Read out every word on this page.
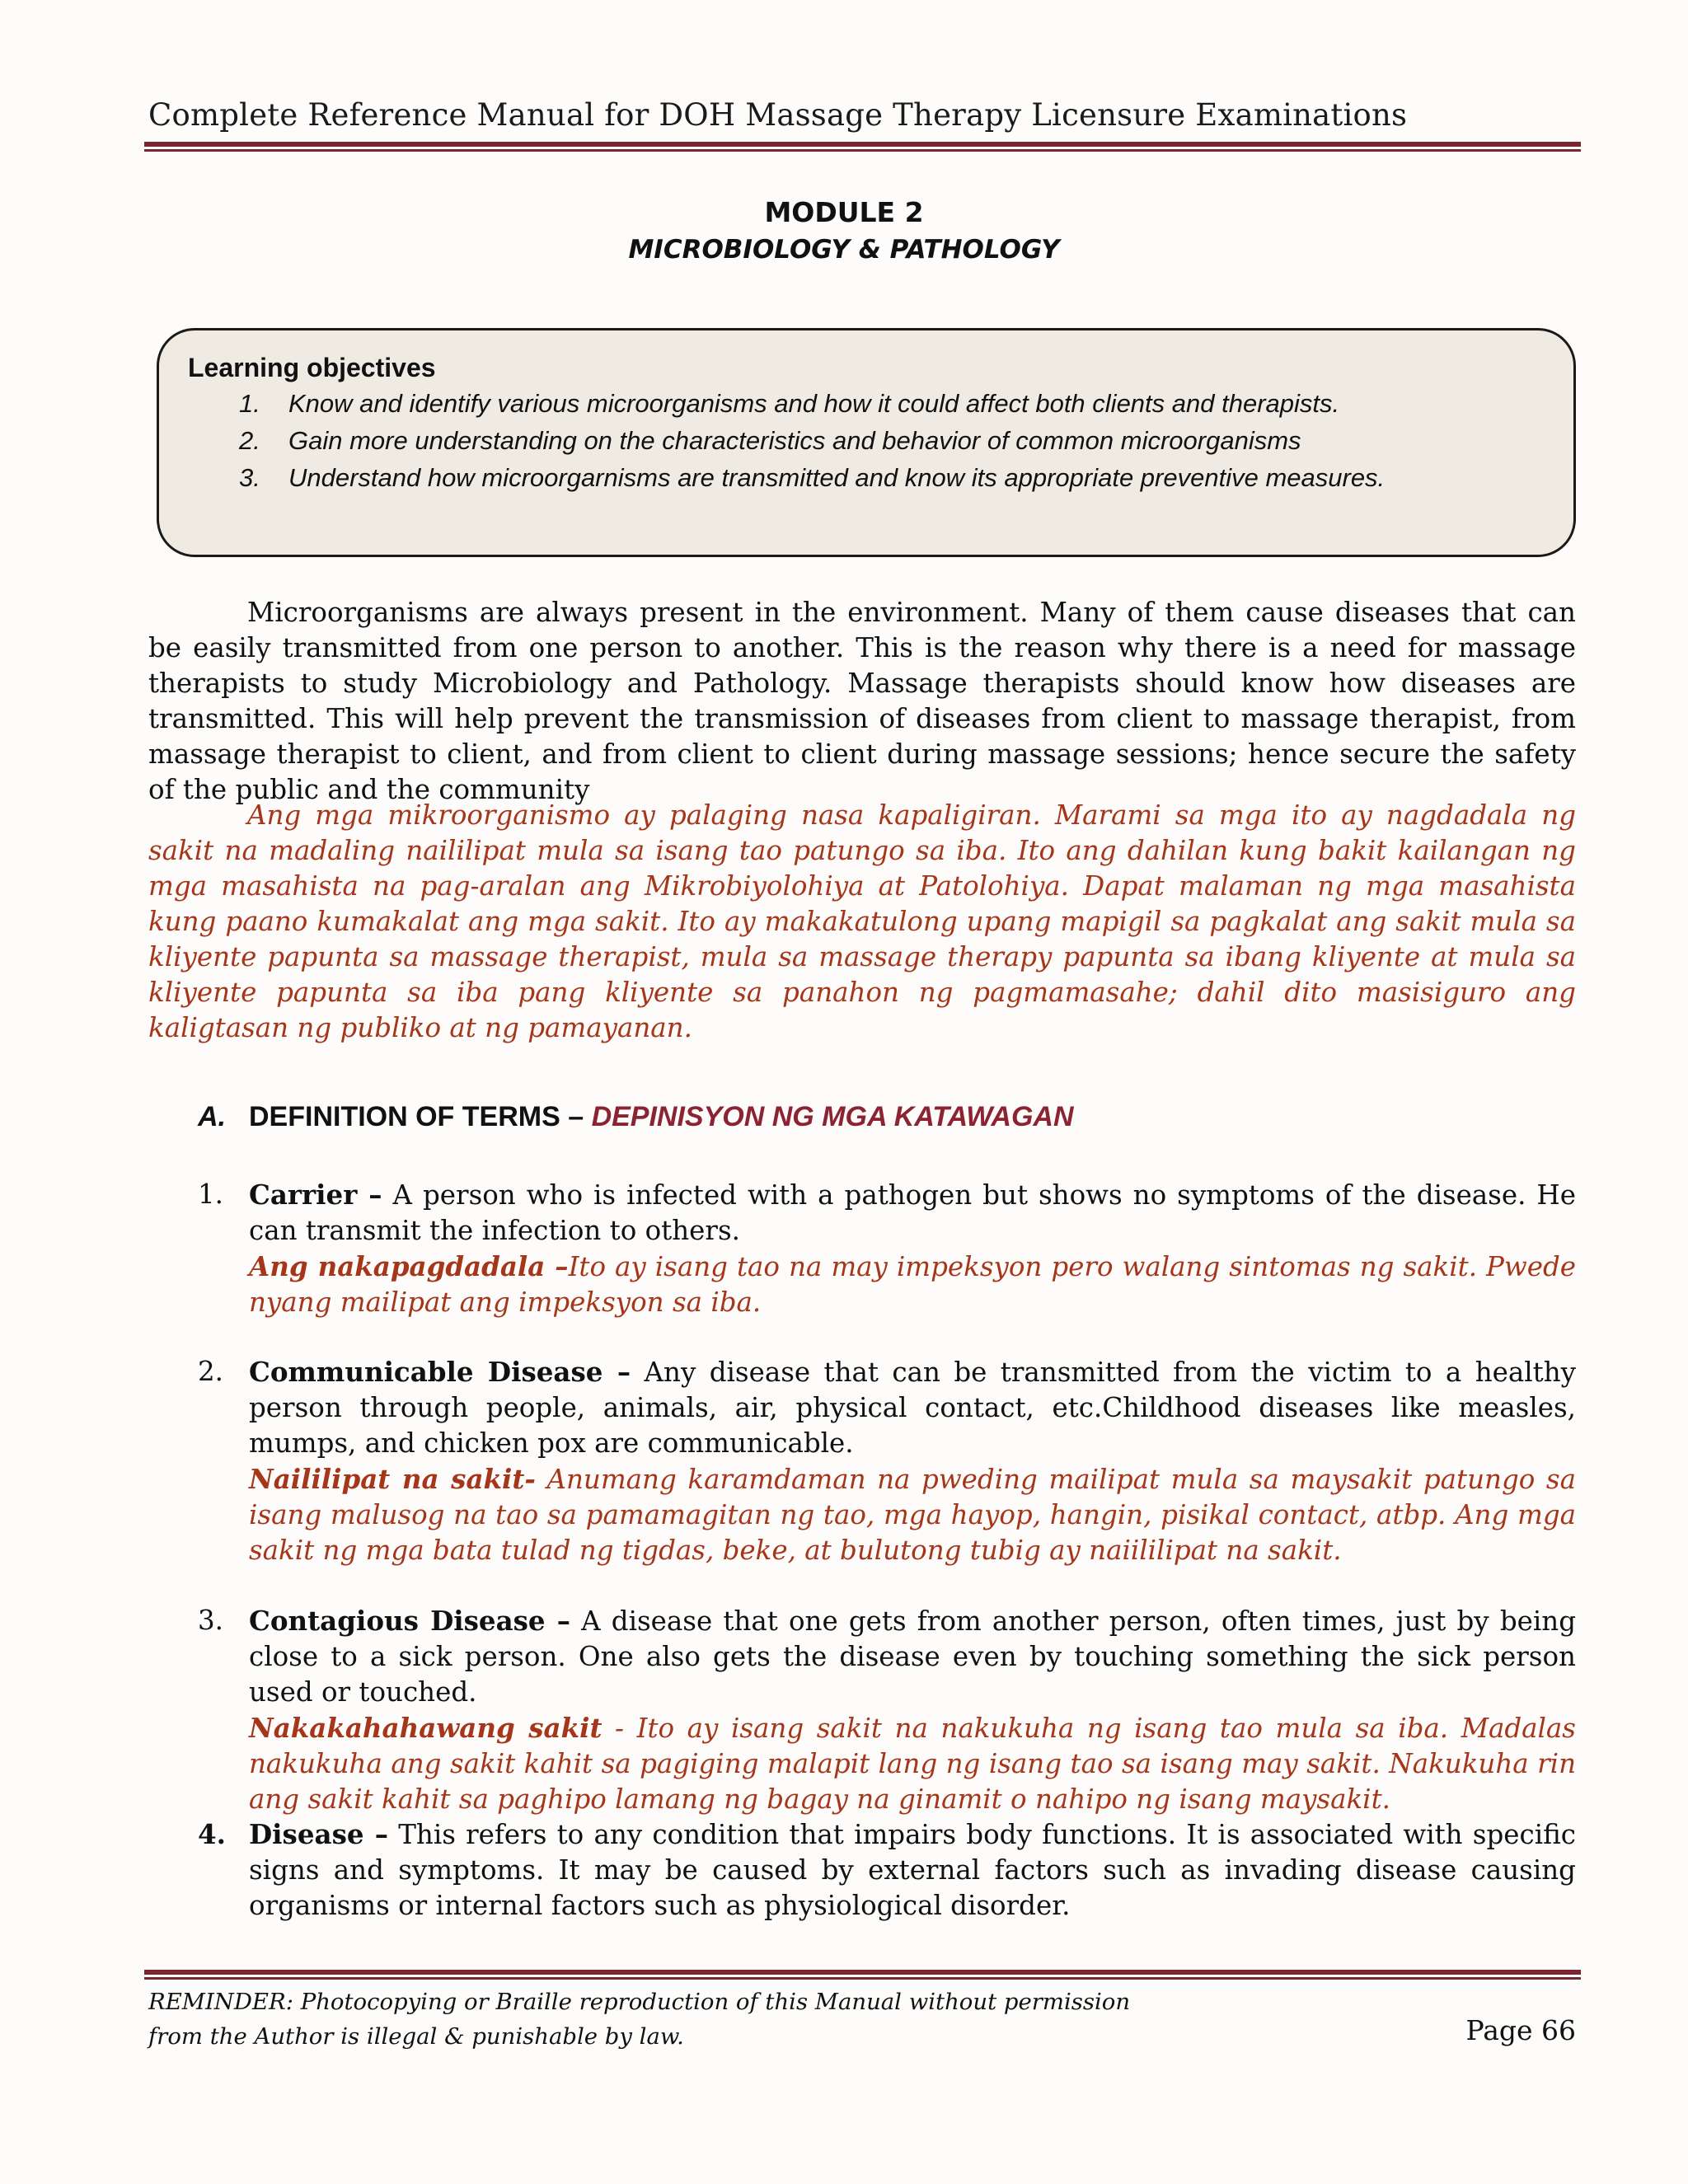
Complete Reference Manual for DOH Massage Therapy Licensure Examinations
MODULE 2
MICROBIOLOGY & PATHOLOGY
Learning objectives
1. Know and identify various microorganisms and how it could affect both clients and therapists.
2. Gain more understanding on the characteristics and behavior of common microorganisms
3. Understand how microorgarnisms are transmitted and know its appropriate preventive measures.

Microorganisms are always present in the environment. Many of them cause diseases that can be easily transmitted from one person to another. This is the reason why there is a need for massage therapists to study Microbiology and Pathology. Massage therapists should know how diseases are transmitted. This will help prevent the transmission of diseases from client to massage therapist, from massage therapist to client, and from client to client during massage sessions; hence secure the safety of the public and the community

Ang mga mikroorganismo ay palaging nasa kapaligiran. Marami sa mga ito ay nagdadala ng sakit na madaling naililipat mula sa isang tao patungo sa iba. Ito ang dahilan kung bakit kailangan ng mga masahista na pag-aralan ang Mikrobiyolohiya at Patolohiya. Dapat malaman ng mga masahista kung paano kumakalat ang mga sakit. Ito ay makakatulong upang mapigil sa pagkalat ang sakit mula sa kliyente papunta sa massage therapist, mula sa massage therapy papunta sa ibang kliyente at mula sa kliyente papunta sa iba pang kliyente sa panahon ng pagmamasahe; dahil dito masisiguro ang kaligtasan ng publiko at ng pamayanan.

A. DEFINITION OF TERMS – DEPINISYON NG MGA KATAWAGAN
1. Carrier – A person who is infected with a pathogen but shows no symptoms of the disease. He can transmit the infection to others.
Ang nakapagdadala –Ito ay isang tao na may impeksyon pero walang sintomas ng sakit. Pwede nyang mailipat ang impeksyon sa iba.
2. Communicable Disease – Any disease that can be transmitted from the victim to a healthy person through people, animals, air, physical contact, etc.Childhood diseases like measles, mumps, and chicken pox are communicable.
Naililipat na sakit- Anumang karamdaman na pweding mailipat mula sa maysakit patungo sa isang malusog na tao sa pamamagitan ng tao, mga hayop, hangin, pisikal contact, atbp. Ang mga sakit ng mga bata tulad ng tigdas, beke, at bulutong tubig ay naiililipat na sakit.
3. Contagious Disease – A disease that one gets from another person, often times, just by being close to a sick person. One also gets the disease even by touching something the sick person used or touched.
Nakakahahawang sakit - Ito ay isang sakit na nakukuha ng isang tao mula sa iba. Madalas nakukuha ang sakit kahit sa pagiging malapit lang ng isang tao sa isang may sakit. Nakukuha rin ang sakit kahit sa paghipo lamang ng bagay na ginamit o nahipo ng isang maysakit.
4. Disease – This refers to any condition that impairs body functions. It is associated with specific signs and symptoms. It may be caused by external factors such as invading disease causing organisms or internal factors such as physiological disorder.
REMINDER: Photocopying or Braille reproduction of this Manual without permission
from the Author is illegal & punishable by law.	Page 66
